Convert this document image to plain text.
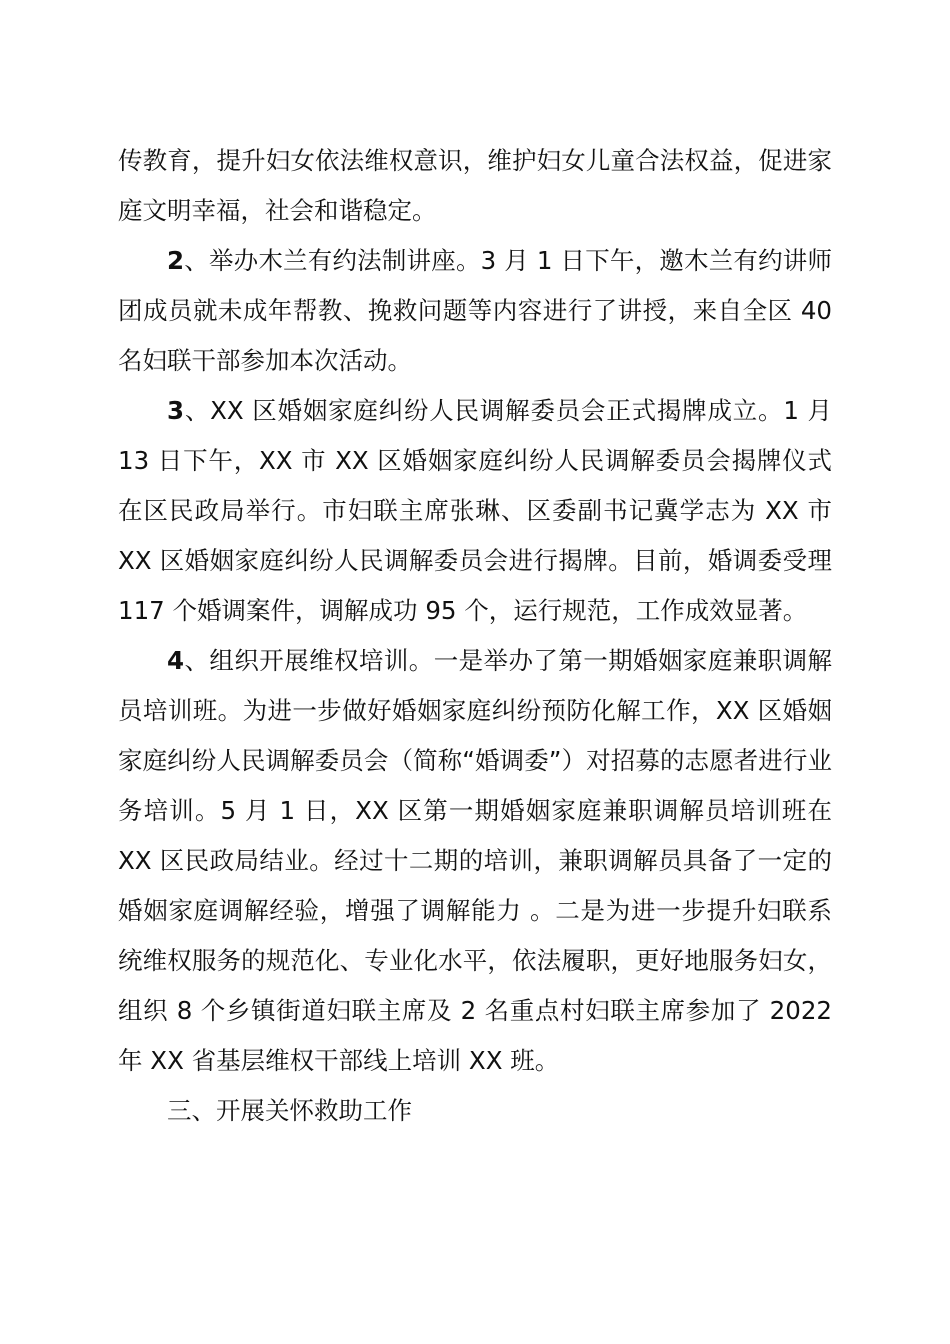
传教育，提升妇女依法维权意识，维护妇女儿童合法权益，促进家庭文明幸福，社会和谐稳定。

2、举办木兰有约法制讲座。3 月 1 日下午，邀木兰有约讲师团成员就未成年帮教、挽救问题等内容进行了讲授，来自全区 40 名妇联干部参加本次活动。

3、XX 区婚姻家庭纠纷人民调解委员会正式揭牌成立。1 月 13 日下午，XX 市 XX 区婚姻家庭纠纷人民调解委员会揭牌仪式在区民政局举行。市妇联主席张琳、区委副书记冀学志为 XX 市 XX 区婚姻家庭纠纷人民调解委员会进行揭牌。目前，婚调委受理 117 个婚调案件，调解成功 95 个，运行规范，工作成效显著。

4、组织开展维权培训。一是举办了第一期婚姻家庭兼职调解员培训班。为进一步做好婚姻家庭纠纷预防化解工作，XX 区婚姻家庭纠纷人民调解委员会（简称“婚调委”）对招募的志愿者进行业务培训。5 月 1 日，XX 区第一期婚姻家庭兼职调解员培训班在 XX 区民政局结业。经过十二期的培训，兼职调解员具备了一定的婚姻家庭调解经验，增强了调解能力 。二是为进一步提升妇联系统维权服务的规范化、专业化水平，依法履职，更好地服务妇女，组织 8 个乡镇街道妇联主席及 2 名重点村妇联主席参加了 2022 年 XX 省基层维权干部线上培训 XX 班。

三、开展关怀救助工作
